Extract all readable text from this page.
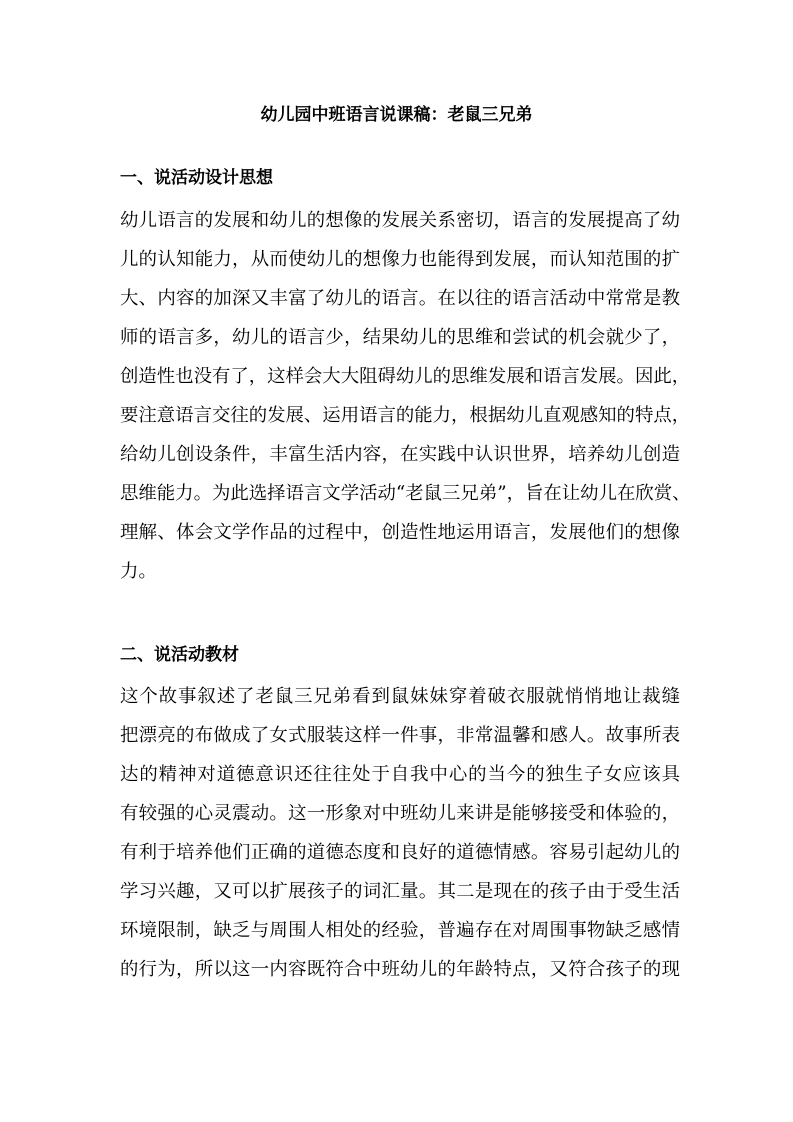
幼儿园中班语言说课稿：老鼠三兄弟
一、说活动设计思想
幼儿语言的发展和幼儿的想像的发展关系密切，语言的发展提高了幼
儿的认知能力，从而使幼儿的想像力也能得到发展，而认知范围的扩
大、内容的加深又丰富了幼儿的语言。在以往的语言活动中常常是教
师的语言多，幼儿的语言少，结果幼儿的思维和尝试的机会就少了，
创造性也没有了，这样会大大阻碍幼儿的思维发展和语言发展。因此，
要注意语言交往的发展、运用语言的能力，根据幼儿直观感知的特点，
给幼儿创设条件，丰富生活内容，在实践中认识世界，培养幼儿创造
思维能力。为此选择语言文学活动“老鼠三兄弟”，旨在让幼儿在欣赏、
理解、体会文学作品的过程中，创造性地运用语言，发展他们的想像
力。
二、说活动教材
这个故事叙述了老鼠三兄弟看到鼠妹妹穿着破衣服就悄悄地让裁缝
把漂亮的布做成了女式服装这样一件事，非常温馨和感人。故事所表
达的精神对道德意识还往往处于自我中心的当今的独生子女应该具
有较强的心灵震动。这一形象对中班幼儿来讲是能够接受和体验的，
有利于培养他们正确的道德态度和良好的道德情感。容易引起幼儿的
学习兴趣，又可以扩展孩子的词汇量。其二是现在的孩子由于受生活
环境限制，缺乏与周围人相处的经验，普遍存在对周围事物缺乏感情
的行为，所以这一内容既符合中班幼儿的年龄特点，又符合孩子的现
